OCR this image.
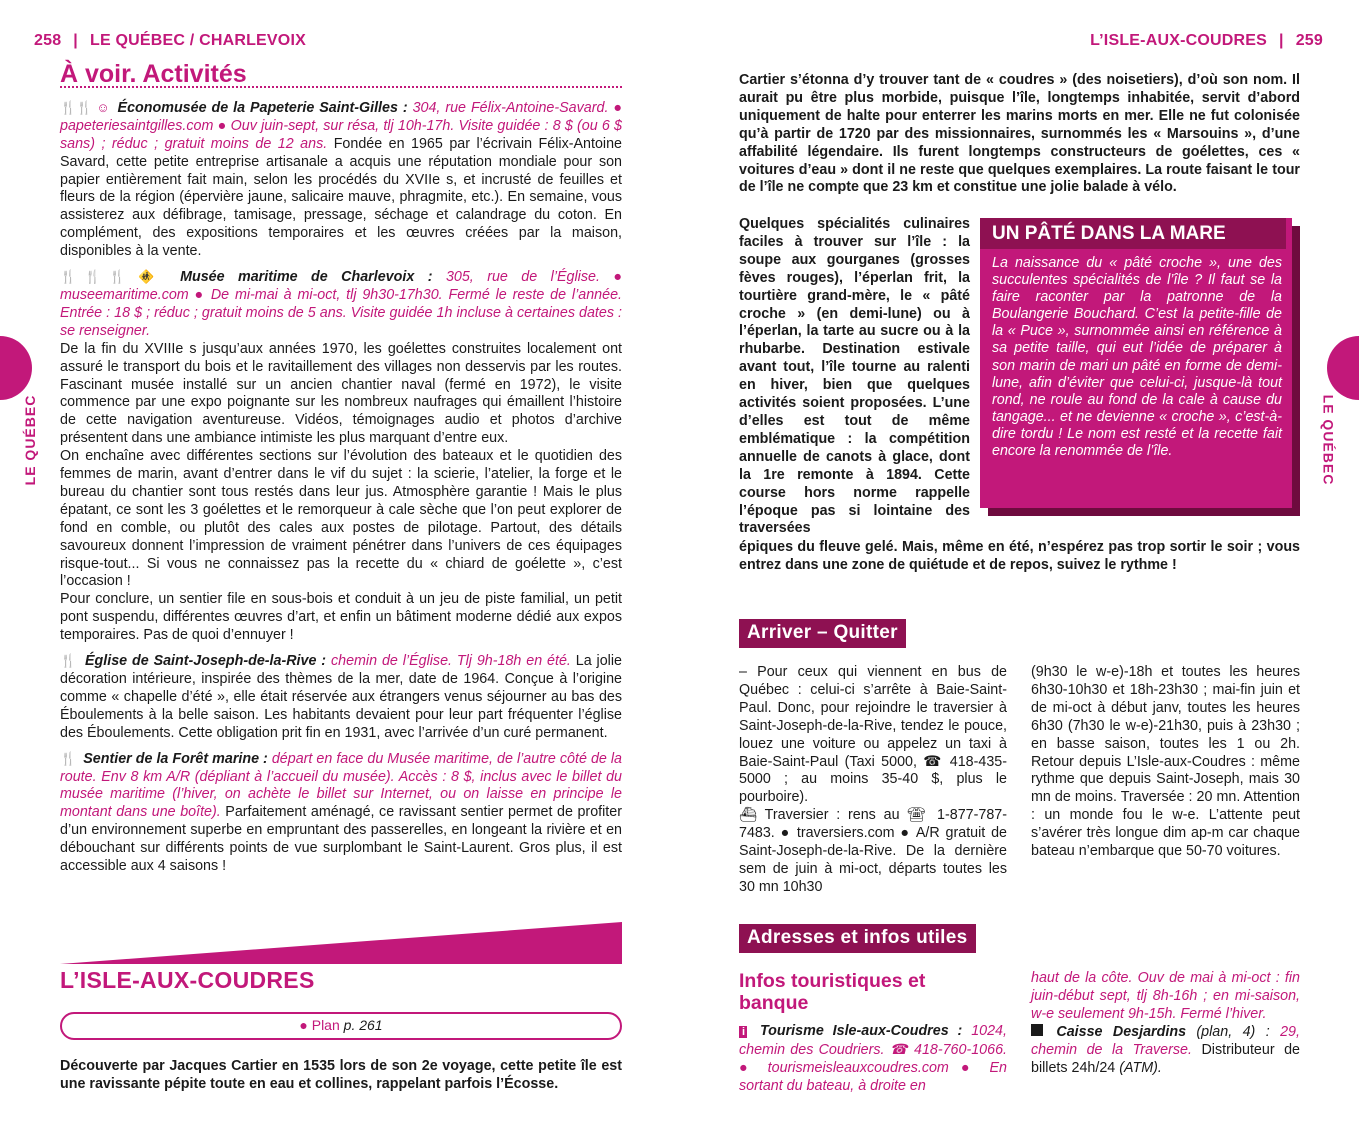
258 | LE QUÉBEC / CHARLEVOIX
LE QUÉBEC
À voir. Activités

🍴🍴 ☺ Économusée de la Papeterie Saint-Gilles : 304, rue Félix-Antoine-Savard. ● papeteriesaintgilles.com ● Ouv juin-sept, sur résa, tlj 10h-17h. Visite guidée : 8 $ (ou 6 $ sans) ; réduc ; gratuit moins de 12 ans. Fondée en 1965 par l’écrivain Félix-Antoine Savard, cette petite entreprise artisanale a acquis une réputation mondiale pour son papier entièrement fait main, selon les procédés du XVIIe s, et incrusté de feuilles et fleurs de la région (épervière jaune, salicaire mauve, phragmite, etc.). En semaine, vous assisterez aux défibrage, tamisage, pressage, séchage et calandrage du coton. En complément, des expositions temporaires et les œuvres créées par la maison, disponibles à la vente.

🍴🍴🍴 🚸 Musée maritime de Charlevoix : 305, rue de l’Église. ● museemaritime.com ● De mi-mai à mi-oct, tlj 9h30-17h30. Fermé le reste de l’année. Entrée : 18 $ ; réduc ; gratuit moins de 5 ans. Visite guidée 1h incluse à certaines dates : se renseigner.
De la fin du XVIIIe s jusqu’aux années 1970, les goélettes construites localement ont assuré le transport du bois et le ravitaillement des villages non desservis par les routes. Fascinant musée installé sur un ancien chantier naval (fermé en 1972), le visite commence par une expo poignante sur les nombreux naufrages qui émaillent l’histoire de cette navigation aventureuse. Vidéos, témoignages audio et photos d’archive présentent dans une ambiance intimiste les plus marquant d’entre eux.
On enchaîne avec différentes sections sur l’évolution des bateaux et le quotidien des femmes de marin, avant d’entrer dans le vif du sujet : la scierie, l’atelier, la forge et le bureau du chantier sont tous restés dans leur jus. Atmosphère garantie ! Mais le plus épatant, ce sont les 3 goélettes et le remorqueur à cale sèche que l’on peut explorer de fond en comble, ou plutôt des cales aux postes de pilotage. Partout, des détails savoureux donnent l’impression de vraiment pénétrer dans l’univers de ces équipages risque-tout... Si vous ne connaissez pas la recette du « chiard de goélette », c’est l’occasion !
Pour conclure, un sentier file en sous-bois et conduit à un jeu de piste familial, un petit pont suspendu, différentes œuvres d’art, et enfin un bâtiment moderne dédié aux expos temporaires. Pas de quoi d’ennuyer !

🍴 Église de Saint-Joseph-de-la-Rive : chemin de l’Église. Tlj 9h-18h en été. La jolie décoration intérieure, inspirée des thèmes de la mer, date de 1964. Conçue à l’origine comme « chapelle d’été », elle était réservée aux étrangers venus séjourner au bas des Éboulements à la belle saison. Les habitants devaient pour leur part fréquenter l’église des Éboulements. Cette obligation prit fin en 1931, avec l’arrivée d’un curé permanent.

🍴 Sentier de la Forêt marine : départ en face du Musée maritime, de l’autre côté de la route. Env 8 km A/R (dépliant à l’accueil du musée). Accès : 8 $, inclus avec le billet du musée maritime (l’hiver, on achète le billet sur Internet, ou on laisse en principe le montant dans une boîte). Parfaitement aménagé, ce ravissant sentier permet de profiter d’un environnement superbe en empruntant des passerelles, en longeant la rivière et en débouchant sur différents points de vue surplombant le Saint-Laurent. Gros plus, il est accessible aux 4 saisons !

L’ISLE-AUX-COUDRES
● Plan p. 261
Découverte par Jacques Cartier en 1535 lors de son 2e voyage, cette petite île est une ravissante pépite toute en eau et collines, rappelant parfois l’Écosse.
L’ISLE-AUX-COUDRES | 259
LE QUÉBEC
Cartier s’étonna d’y trouver tant de « coudres » (des noisetiers), d’où son nom. Il aurait pu être plus morbide, puisque l’île, longtemps inhabitée, servit d’abord uniquement de halte pour enterrer les marins morts en mer. Elle ne fut colonisée qu’à partir de 1720 par des missionnaires, surnommés les « Marsouins », d’une affabilité légendaire. Ils furent longtemps constructeurs de goélettes, ces « voitures d’eau » dont il ne reste que quelques exemplaires. La route faisant le tour de l’île ne compte que 23 km et constitue une jolie balade à vélo.
Quelques spécialités culinaires faciles à trouver sur l’île : la soupe aux gourganes (grosses fèves rouges), l’éperlan frit, la tourtière grand-mère, le « pâté croche » (en demi-lune) ou à l’éperlan, la tarte au sucre ou à la rhubarbe. Destination estivale avant tout, l’île tourne au ralenti en hiver, bien que quelques activités soient proposées. L’une d’elles est tout de même emblématique : la compétition annuelle de canots à glace, dont la 1re remonte à 1894. Cette course hors norme rappelle l’époque pas si lointaine des traversées
UN PÂTÉ DANS LA MARE
La naissance du « pâté croche », une des succulentes spécialités de l’île ? Il faut se la faire raconter par la patronne de la Boulangerie Bouchard. C’est la petite-fille de la « Puce », surnommée ainsi en référence à sa petite taille, qui eut l’idée de préparer à son marin de mari un pâté en forme de demi-lune, afin d’éviter que celui-ci, jusque-là tout rond, ne roule au fond de la cale à cause du tangage... et ne devienne « croche », c’est-à-dire tordu ! Le nom est resté et la recette fait encore la renommée de l’île.
épiques du fleuve gelé. Mais, même en été, n’espérez pas trop sortir le soir ; vous entrez dans une zone de quiétude et de repos, suivez le rythme !
Arriver – Quitter

– Pour ceux qui viennent en bus de Québec : celui-ci s’arrête à Baie-Saint-Paul. Donc, pour rejoindre le traversier à Saint-Joseph-de-la-Rive, tendez le pouce, louez une voiture ou appelez un taxi à Baie-Saint-Paul (Taxi 5000, ☎ 418-435-5000 ; au moins 35-40 $, plus le pourboire).

⛴ Traversier : rens au ☎ 1-877-787-7483. ● traversiers.com ● A/R gratuit de Saint-Joseph-de-la-Rive. De la dernière sem de juin à mi-oct, départs toutes les 30 mn 10h30

(9h30 le w-e)-18h et toutes les heures 6h30-10h30 et 18h-23h30 ; mai-fin juin et de mi-oct à début janv, toutes les heures 6h30 (7h30 le w-e)-21h30, puis à 23h30 ; en basse saison, toutes les 1 ou 2h. Retour depuis L’Isle-aux-Coudres : même rythme que depuis Saint-Joseph, mais 30 mn de moins. Traversée : 20 mn. Attention : un monde fou le w-e. L’attente peut s’avérer très longue dim ap-m car chaque bateau n’embarque que 50-70 voitures.
Adresses et infos utiles
Infos touristiques et banque

i Tourisme Isle-aux-Coudres : 1024, chemin des Coudriers. ☎ 418-760-1066. ● tourismeisleauxcoudres.com ● En sortant du bateau, à droite en

haut de la côte. Ouv de mai à mi-oct : fin juin-début sept, tlj 8h-16h ; en mi-saison, w-e seulement 9h-15h. Fermé l’hiver.

Caisse Desjardins (plan, 4) : 29, chemin de la Traverse. Distributeur de billets 24h/24 (ATM).
